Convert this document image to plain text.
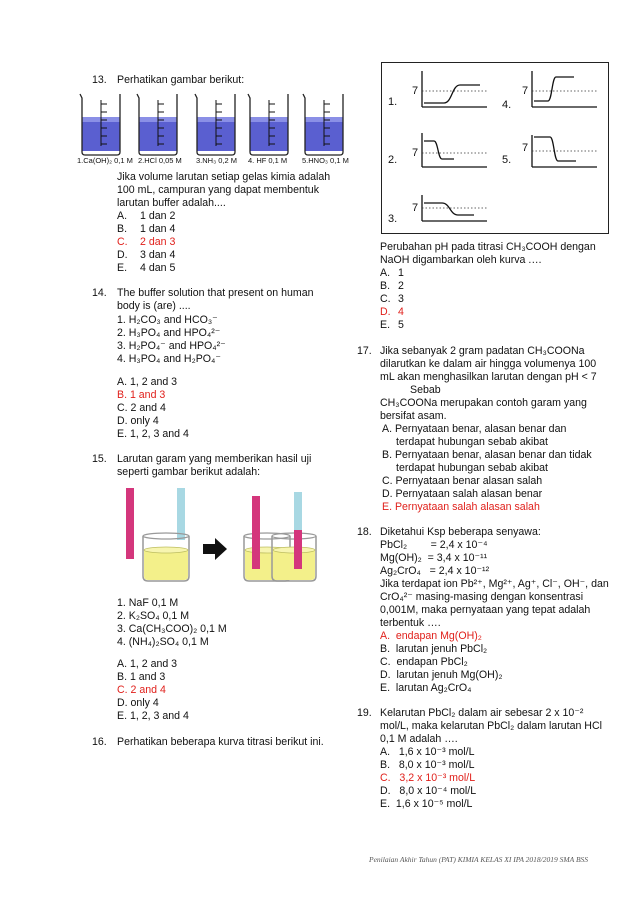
13. Perhatikan gambar berikut:
1.Ca(OH)₂ 0,1 M 2.HCl 0,05 M 3.NH₃ 0,2 M 4. HF 0,1 M 5.HNO₃ 0,1 M
Jika volume larutan setiap gelas kimia adalah
100 mL, campuran yang dapat membentuk
larutan buffer adalah....
A. 1 dan 2
B. 1 dan 4
C. 2 dan 3
D. 3 dan 4
E. 4 dan 5
14. The buffer solution that present on human
body is (are) ....
1. H₂CO₃ and HCO₃⁻
2. H₃PO₄ and HPO₄²⁻
3. H₂PO₄⁻ and HPO₄²⁻
4. H₃PO₄ and H₂PO₄⁻
A. 1, 2 and 3
B. 1 and 3
C. 2 and 4
D. only 4
E. 1, 2, 3 and 4
15. Larutan garam yang memberikan hasil uji
seperti gambar berikut adalah:
1. NaF 0,1 M
2. K₂SO₄ 0,1 M
3. Ca(CH₃COO)₂ 0,1 M
4. (NH₄)₂SO₄ 0,1 M
A. 1, 2 and 3
B. 1 and 3
C. 2 and 4
D. only 4
E. 1, 2, 3 and 4
16. Perhatikan beberapa kurva titrasi berikut ini.
1.
2.
3.
4.
5.
7
7
7
7
7
Perubahan pH pada titrasi CH₃COOH dengan
NaOH digambarkan oleh kurva .…
A. 1
B. 2
C. 3
D. 4
E. 5
17. Jika sebanyak 2 gram padatan CH₃COONa
dilarutkan ke dalam air hingga volumenya 100
mL akan menghasilkan larutan dengan pH < 7
Sebab
CH₃COONa merupakan contoh garam yang
bersifat asam.
A. Pernyataan benar, alasan benar dan
terdapat hubungan sebab akibat
B. Pernyataan benar, alasan benar dan tidak
terdapat hubungan sebab akibat
C. Pernyataan benar alasan salah
D. Pernyataan salah alasan benar
E. Pernyataan salah alasan salah
18. Diketahui Ksp beberapa senyawa:
PbCl₂        = 2,4 x 10⁻⁴
Mg(OH)₂  = 3,4 x 10⁻¹¹
Ag₂CrO₄   = 2,4 x 10⁻¹²
Jika terdapat ion Pb²⁺, Mg²⁺, Ag⁺, Cl⁻, OH⁻, dan
CrO₄²⁻ masing-masing dengan konsentrasi
0,001M, maka pernyataan yang tepat adalah
terbentuk ….
A.  endapan Mg(OH)₂
B.  larutan jenuh PbCl₂
C.  endapan PbCl₂
D.  larutan jenuh Mg(OH)₂
E.  larutan Ag₂CrO₄
19. Kelarutan PbCl₂ dalam air sebesar 2 x 10⁻²
mol/L, maka kelarutan PbCl₂ dalam larutan HCl
0,1 M adalah ….
A.   1,6 x 10⁻³ mol/L
B.   8,0 x 10⁻³ mol/L
C.   3,2 x 10⁻³ mol/L
D.   8,0 x 10⁻⁴ mol/L
E.  1,6 x 10⁻⁵ mol/L
Penilaian Akhir Tahun (PAT) KIMIA KELAS XI IPA 2018/2019 SMA BSS
